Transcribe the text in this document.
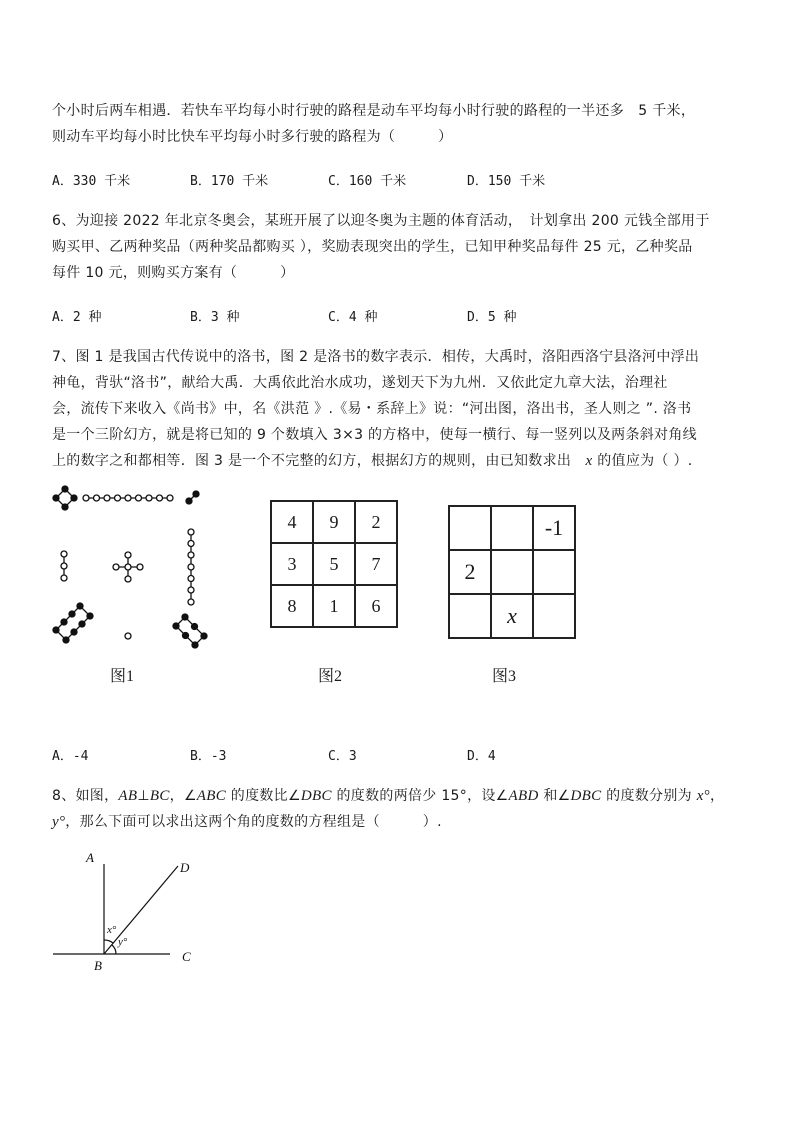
个小时后两车相遇．若快车平均每小时行驶的路程是动车平均每小时行驶的路程的一半还多　5 千米，
则动车平均每小时比快车平均每小时多行驶的路程为（　　　）
A．330 千米	B．170 千米	C．160 千米	D．150 千米
6、为迎接 2022 年北京冬奥会，某班开展了以迎冬奥为主题的体育活动，　计划拿出 200 元钱全部用于
购买甲、乙两种奖品（两种奖品都购买 ），奖励表现突出的学生，已知甲种奖品每件 25 元，乙种奖品
每件 10 元，则购买方案有（　　　）
A．2 种	B．3 种	C．4 种	D．5 种
7、图 1 是我国古代传说中的洛书，图 2 是洛书的数字表示．相传，大禹时，洛阳西洛宁县洛河中浮出
神龟，背驮“洛书”，献给大禹．大禹依此治水成功，遂划天下为九州．又依此定九章大法，治理社
会，流传下来收入《尚书》中，名《洪范 》.《易・系辞上》说：“河出图，洛出书，圣人则之 ”. 洛书
是一个三阶幻方，就是将已知的 9 个数填入 3×3 的方格中，使每一横行、每一竖列以及两条斜对角线
上的数字之和都相等．图 3 是一个不完整的幻方，根据幻方的规则，由已知数求出　x 的值应为（ ）.
图1
4	9	2
3	5	7
8	1	6
图2
		-1
2		
	x	
图3
A．-4	B．-3	C．3	D．4
8、如图，AB⊥BC，∠ABC 的度数比∠DBC 的度数的两倍少 15°，设∠ABD 和∠DBC 的度数分别为 x°，
y°，那么下面可以求出这两个角的度数的方程组是（　　　）.
A
B
C
D
x°
y°
